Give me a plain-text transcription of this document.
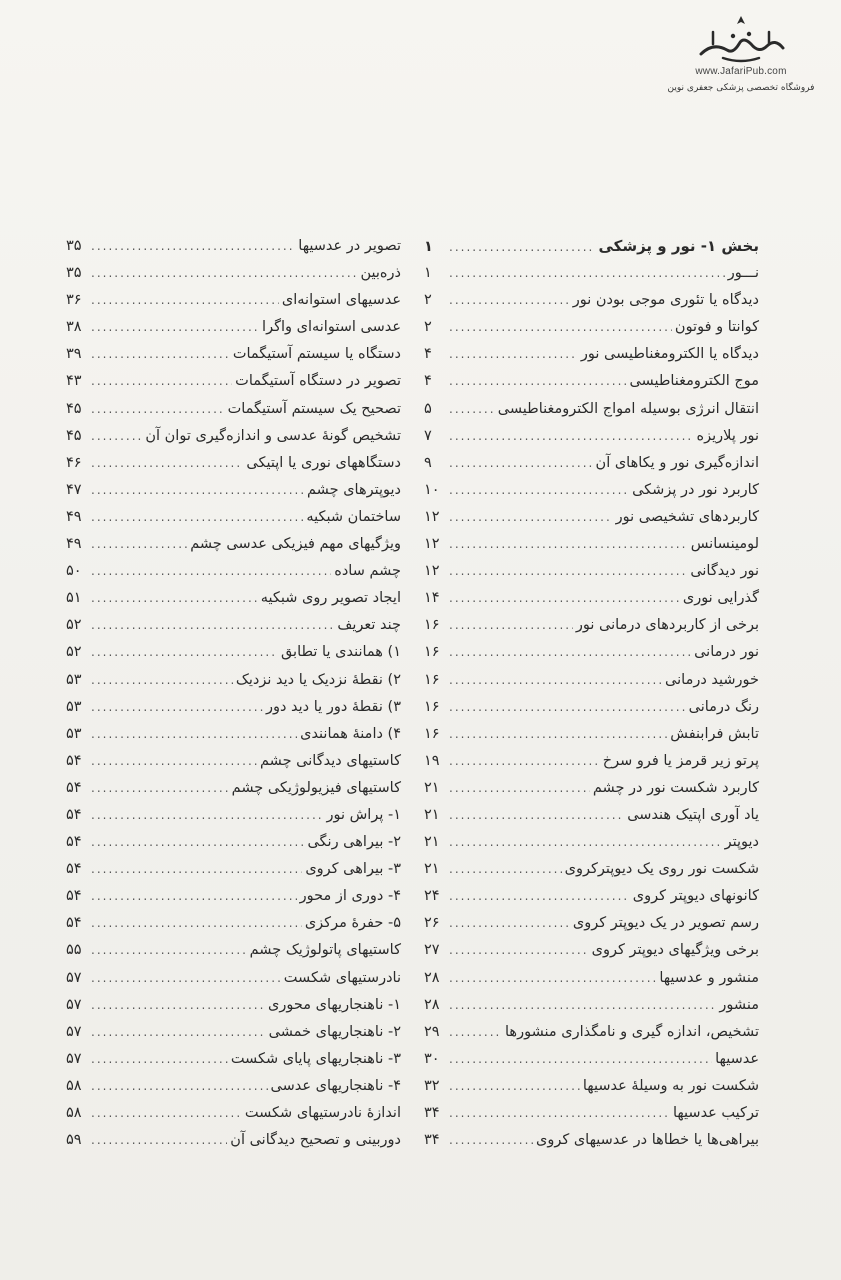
www.JafariPub.com
فروشگاه تخصصی پزشکی جعفری نوین
بخش ۱- نور و پزشکی
.....
۱
نـــور
.....
۱
دیدگاه یا تئوری موجی بودن نور
.....
۲
کوانتا و فوتون
.....
۲
دیدگاه یا الکترومغناطیسی نور
.....
۴
موج الکترومغناطیسی
.....
۴
انتقال انرژی بوسیله امواج الکترومغناطیسی
.....
۵
نور پلاریزه
.....
۷
اندازه‌گیری نور و یکاهای آن
.....
۹
کاربرد نور در پزشکی
.....
۱۰
کاربردهای تشخیصی نور
.....
۱۲
لومینسانس
.....
۱۲
نور دیدگانی
.....
۱۲
گذرایی نوری
.....
۱۴
برخی از کاربردهای درمانی نور
.....
۱۶
نور درمانی
.....
۱۶
خورشید درمانی
.....
۱۶
رنگ درمانی
.....
۱۶
تابش فرابنفش
.....
۱۶
پرتو زیر قرمز یا فرو سرخ
.....
۱۹
کاربرد شکست نور در چشم
.....
۲۱
یاد آوری اپتیک هندسی
.....
۲۱
دیوپتر
.....
۲۱
شکست نور روی یک دیوپترکروی
.....
۲۱
کانونهای دیوپتر کروی
.....
۲۴
رسم تصویر در یک دیوپتر کروی
.....
۲۶
برخی ویژگیهای دیوپتر کروی
.....
۲۷
منشور و عدسیها
.....
۲۸
منشور
.....
۲۸
تشخیص، اندازه گیری و نامگذاری منشورها
.....
۲۹
عدسیها
.....
۳۰
شکست نور به وسیلهٔ عدسیها
.....
۳۲
ترکیب عدسیها
.....
۳۴
بیراهی‌ها یا خطاها در عدسیهای کروی
.....
۳۴
تصویر در عدسیها
.....
۳۵
ذره‌بین
.....
۳۵
عدسیهای استوانه‌ای
.....
۳۶
عدسی استوانه‌ای واگرا
.....
۳۸
دستگاه یا سیستم آستیگمات
.....
۳۹
تصویر در دستگاه آستیگمات
.....
۴۳
تصحیح یک سیستم آستیگمات
.....
۴۵
تشخیص گونهٔ عدسی و اندازه‌گیری توان آن
.....
۴۵
دستگاههای نوری یا اپتیکی
.....
۴۶
دیوپترهای چشم
.....
۴۷
ساختمان شبکیه
.....
۴۹
ویژگیهای مهم فیزیکی عدسی چشم
.....
۴۹
چشم ساده
.....
۵۰
ایجاد تصویر روی شبکیه
.....
۵۱
چند تعریف
.....
۵۲
۱) همانندی یا تطابق
.....
۵۲
۲) نقطهٔ نزدیک یا دید نزدیک
.....
۵۳
۳) نقطهٔ دور یا دید دور
.....
۵۳
۴) دامنهٔ همانندی
.....
۵۳
کاستیهای دیدگانی چشم
.....
۵۴
کاستیهای فیزیولوژیکی چشم
.....
۵۴
۱- پراش نور
.....
۵۴
۲- بیراهی رنگی
.....
۵۴
۳- بیراهی کروی
.....
۵۴
۴- دوری از محور
.....
۵۴
۵- حفرهٔ مرکزی
.....
۵۴
کاستیهای پاتولوژیک چشم
.....
۵۵
نادرستیهای شکست
.....
۵۷
۱- ناهنجاریهای محوری
.....
۵۷
۲- ناهنجاریهای خمشی
.....
۵۷
۳- ناهنجاریهای پایای شکست
.....
۵۷
۴- ناهنجاریهای عدسی
.....
۵۸
اندازهٔ نادرستیهای شکست
.....
۵۸
دوربینی و تصحیح دیدگانی آن
.....
۵۹
